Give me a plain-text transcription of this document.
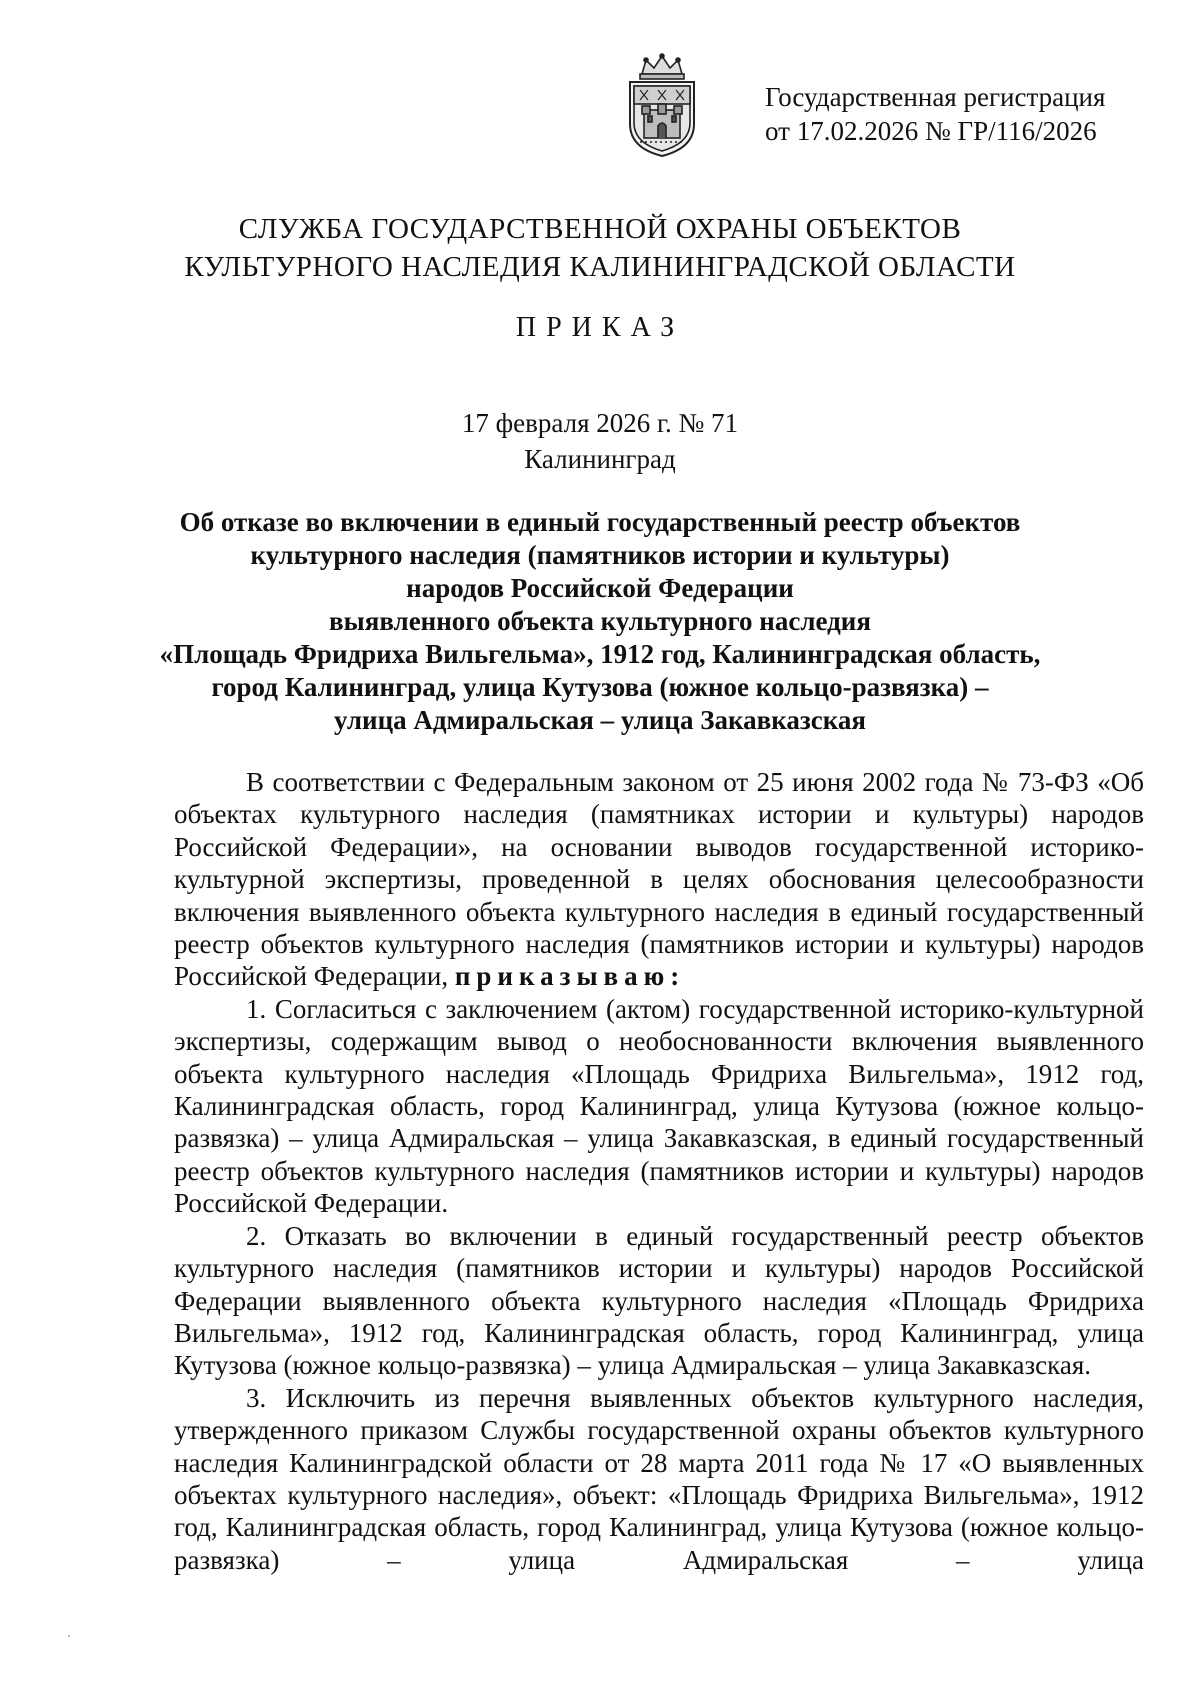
Государственная регистрация
от 17.02.2026 № ГР/116/2026
СЛУЖБА ГОСУДАРСТВЕННОЙ ОХРАНЫ ОБЪЕКТОВ
КУЛЬТУРНОГО НАСЛЕДИЯ КАЛИНИНГРАДСКОЙ ОБЛАСТИ
ПРИКАЗ
17 февраля 2026 г. № 71
Калининград
Об отказе во включении в единый государственный реестр объектов
культурного наследия (памятников истории и культуры)
народов Российской Федерации
выявленного объекта культурного наследия
«Площадь Фридриха Вильгельма», 1912 год, Калининградская область,
город Калининград, улица Кутузова (южное кольцо-развязка) –
улица Адмиральская – улица Закавказская

В соответствии с Федеральным законом от 25 июня 2002 года № 73-ФЗ «Об объектах культурного наследия (памятниках истории и культуры) народов Российской Федерации», на основании выводов государственной историко-культурной экспертизы, проведенной в целях обоснования целесообразности включения выявленного объекта культурного наследия в единый государственный реестр объектов культурного наследия (памятников истории и культуры) народов Российской Федерации, приказываю:

1. Согласиться с заключением (актом) государственной историко-культурной экспертизы, содержащим вывод о необоснованности включения выявленного объекта культурного наследия «Площадь Фридриха Вильгельма», 1912 год, Калининградская область, город Калининград, улица Кутузова (южное кольцо-развязка) – улица Адмиральская – улица Закавказская, в единый государственный реестр объектов культурного наследия (памятников истории и культуры) народов Российской Федерации.

2. Отказать во включении в единый государственный реестр объектов культурного наследия (памятников истории и культуры) народов Российской Федерации выявленного объекта культурного наследия «Площадь Фридриха Вильгельма», 1912 год, Калининградская область, город Калининград, улица Кутузова (южное кольцо-развязка) – улица Адмиральская – улица Закавказская.

3. Исключить из перечня выявленных объектов культурного наследия, утвержденного приказом Службы государственной охраны объектов культурного наследия Калининградской области от 28 марта 2011 года № 17 «О выявленных объектах культурного наследия», объект: «Площадь Фридриха Вильгельма», 1912 год, Калининградская область, город Калининград, улица Кутузова (южное кольцо-развязка) – улица Адмиральская – улица
